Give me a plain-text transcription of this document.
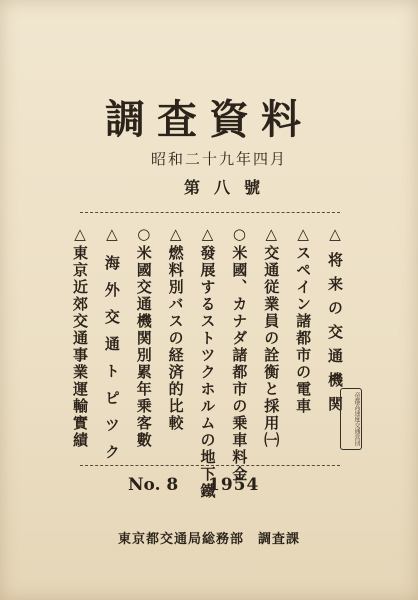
調査資料
昭和二十九年四月
第八號
△将来の交通機関
△スペイン諸都市の電車
△交通従業員の詮衡と採用㈠
○米國、カナダ諸都市の乗車料金
△發展するストツクホルムの地下鐵
△燃料別バスの経済的比較
○米國交通機関別累年乗客數
△海外交通トピツク
△東京近郊交通事業運輸實績	帝都高速度交通営団
No. 8 1954
東京都交通局総務部　調査課
